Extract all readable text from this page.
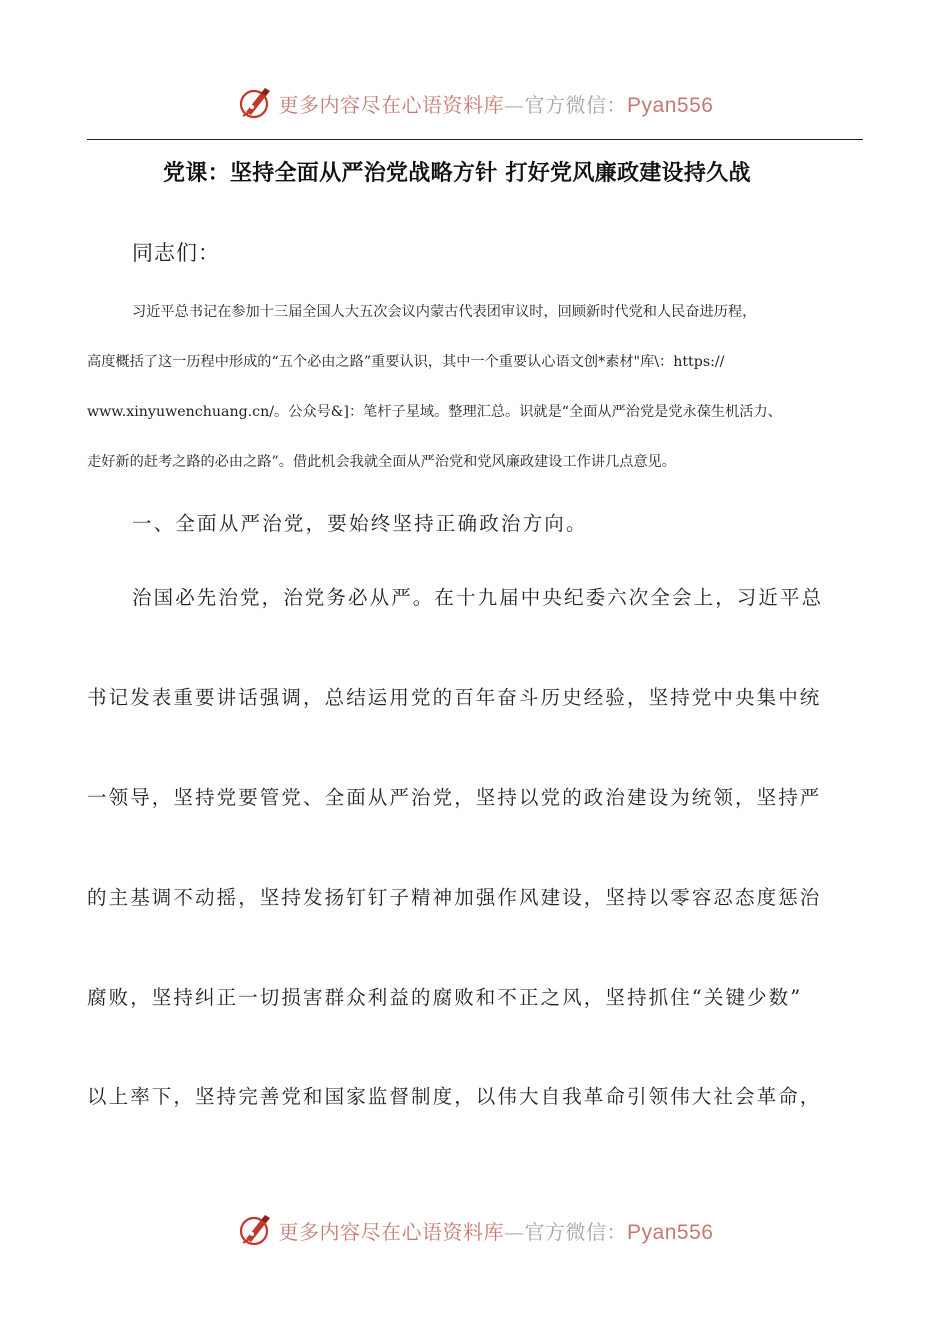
更多内容尽在心语资料库—官方微信：Pyan556
党课：坚持全面从严治党战略方针 打好党风廉政建设持久战
同志们：
习近平总书记在参加十三届全国人大五次会议内蒙古代表团审议时，回顾新时代党和人民奋进历程，
高度概括了这一历程中形成的“五个必由之路”重要认识，其中一个重要认心语文创*素材"库\：https://
www.xinyuwenchuang.cn/。公众号&]：笔杆子星域。整理汇总。识就是“全面从严治党是党永葆生机活力、
走好新的赶考之路的必由之路”。借此机会我就全面从严治党和党风廉政建设工作讲几点意见。
一、全面从严治党，要始终坚持正确政治方向。
治国必先治党，治党务必从严。在十九届中央纪委六次全会上，习近平总
书记发表重要讲话强调，总结运用党的百年奋斗历史经验，坚持党中央集中统
一领导，坚持党要管党、全面从严治党，坚持以党的政治建设为统领，坚持严
的主基调不动摇，坚持发扬钉钉子精神加强作风建设，坚持以零容忍态度惩治
腐败，坚持纠正一切损害群众利益的腐败和不正之风，坚持抓住“关键少数”
以上率下，坚持完善党和国家监督制度，以伟大自我革命引领伟大社会革命，
更多内容尽在心语资料库—官方微信：Pyan556
